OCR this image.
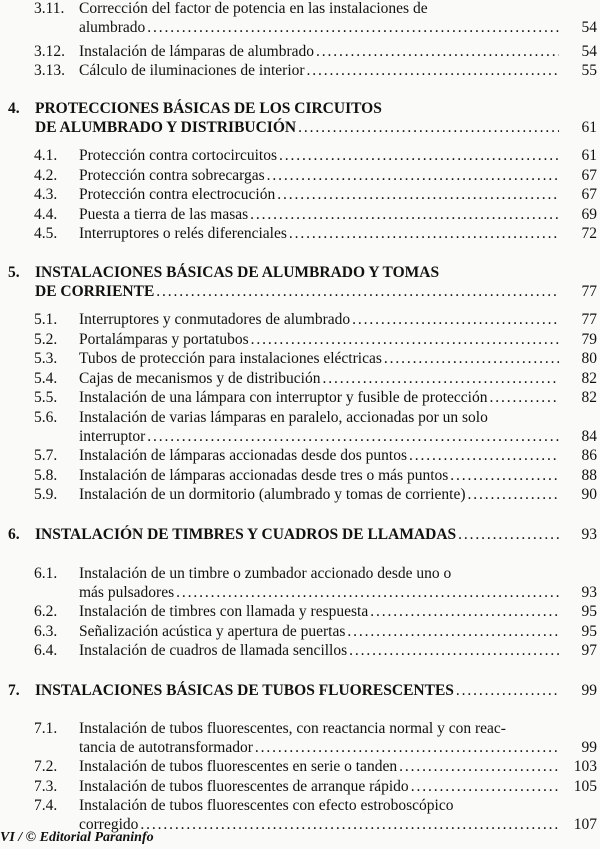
3.11. Corrección del factor de potencia en las instalaciones de
alumbrado . . .	54
3.12. Instalación de lámparas de alumbrado . . .	54
3.13. Cálculo de iluminaciones de interior . . .	55
4. PROTECCIONES BÁSICAS DE LOS CIRCUITOS
DE ALUMBRADO Y DISTRIBUCIÓN . . .	61
4.1. Protección contra cortocircuitos . . .	61
4.2. Protección contra sobrecargas . . .	67
4.3. Protección contra electrocución . . .	67
4.4. Puesta a tierra de las masas . . .	69
4.5. Interruptores o relés diferenciales . . .	72
5. INSTALACIONES BÁSICAS DE ALUMBRADO Y TOMAS
DE CORRIENTE . . .	77
5.1. Interruptores y conmutadores de alumbrado . . .	77
5.2. Portalámparas y portatubos . . .	79
5.3. Tubos de protección para instalaciones eléctricas . . .	80
5.4. Cajas de mecanismos y de distribución . . .	82
5.5. Instalación de una lámpara con interruptor y fusible de protección . . .	82
5.6. Instalación de varias lámparas en paralelo, accionadas por un solo
interruptor . . .	84
5.7. Instalación de lámparas accionadas desde dos puntos . . .	86
5.8. Instalación de lámparas accionadas desde tres o más puntos . . .	88
5.9. Instalación de un dormitorio (alumbrado y tomas de corriente) . . .	90
6. INSTALACIÓN DE TIMBRES Y CUADROS DE LLAMADAS . . .	93
6.1. Instalación de un timbre o zumbador accionado desde uno o
más pulsadores . . .	93
6.2. Instalación de timbres con llamada y respuesta . . .	95
6.3. Señalización acústica y apertura de puertas . . .	95
6.4. Instalación de cuadros de llamada sencillos . . .	97
7. INSTALACIONES BÁSICAS DE TUBOS FLUORESCENTES . . .	99
7.1. Instalación de tubos fluorescentes, con reactancia normal y con reac-
tancia de autotransformador . . .	99
7.2. Instalación de tubos fluorescentes en serie o tanden . . .	103
7.3. Instalación de tubos fluorescentes de arranque rápido . . .	105
7.4. Instalación de tubos fluorescentes con efecto estroboscópico
corregido . . .	107
VI / © Editorial Paraninfo
